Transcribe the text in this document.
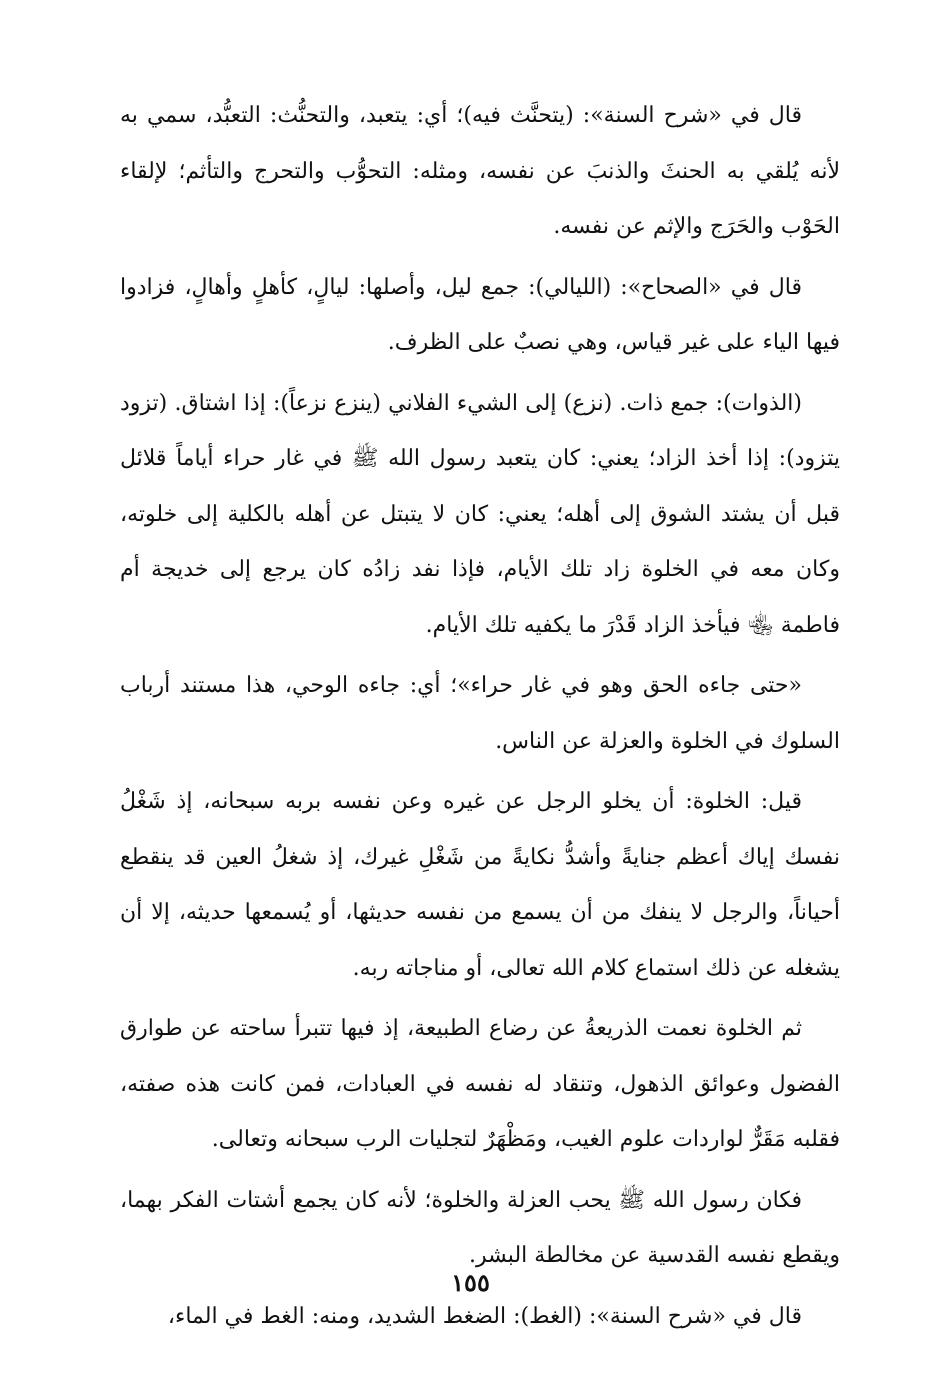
قال في «شرح السنة»: (يتحنَّث فيه)؛ أي: يتعبد، والتحنُّث: التعبُّد، سمي به لأنه يُلقي به الحنثَ والذنبَ عن نفسه، ومثله: التحوُّب والتحرج والتأثم؛ لإلقاء الحَوْب والحَرَج والإثم عن نفسه.

قال في «الصحاح»: (الليالي): جمع ليل، وأصلها: ليالٍ، كأهلٍ وأهالٍ، فزادوا فيها الياء على غير قياس، وهي نصبٌ على الظرف.

(الذوات): جمع ذات. (نزع) إلى الشيء الفلاني (ينزع نزعاً): إذا اشتاق. (تزود يتزود): إذا أخذ الزاد؛ يعني: كان يتعبد رسول الله ﷺ في غار حراء أياماً قلائل قبل أن يشتد الشوق إلى أهله؛ يعني: كان لا يتبتل عن أهله بالكلية إلى خلوته، وكان معه في الخلوة زاد تلك الأيام، فإذا نفد زادُه كان يرجع إلى خديجة أم فاطمة ﵄ فيأخذ الزاد قَدْرَ ما يكفيه تلك الأيام.

«حتى جاءه الحق وهو في غار حراء»؛ أي: جاءه الوحي، هذا مستند أرباب السلوك في الخلوة والعزلة عن الناس.

قيل: الخلوة: أن يخلو الرجل عن غيره وعن نفسه بربه سبحانه، إذ شَغْلُ نفسك إياك أعظم جنايةً وأشدُّ نكايةً من شَغْلِ غيرك، إذ شغلُ العين قد ينقطع أحياناً، والرجل لا ينفك من أن يسمع من نفسه حديثها، أو يُسمعها حديثه، إلا أن يشغله عن ذلك استماع كلام الله تعالى، أو مناجاته ربه.

ثم الخلوة نعمت الذريعةُ عن رضاع الطبيعة، إذ فيها تتبرأ ساحته عن طوارق الفضول وعوائق الذهول، وتنقاد له نفسه في العبادات، فمن كانت هذه صفته، فقلبه مَقَرٌّ لواردات علوم الغيب، ومَظْهَرٌ لتجليات الرب سبحانه وتعالى.

فكان رسول الله ﷺ يحب العزلة والخلوة؛ لأنه كان يجمع أشتات الفكر بهما، ويقطع نفسه القدسية عن مخالطة البشر.

قال في «شرح السنة»: (الغط): الضغط الشديد، ومنه: الغط في الماء،

١٥٥
